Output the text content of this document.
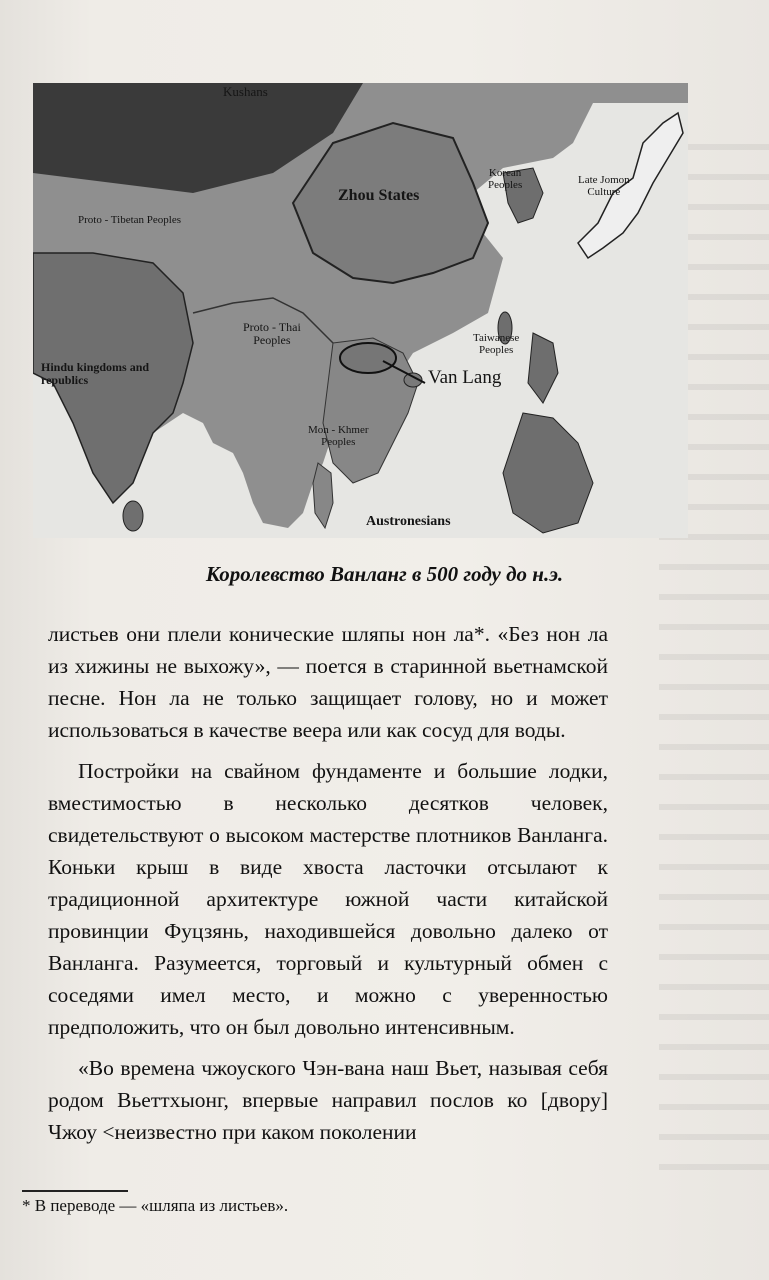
Kushans
Zhou States
Korean
Peoples	Late Jomon
Culture
Proto - Tibetan Peoples
Proto - Thai
Peoples	Taiwanese
Peoples
Hindu kingdoms and
republics	Van Lang
Mon - Khmer
Peoples
Austronesians
Королевство Ванланг в 500 году до н.э.

листьев они плели конические шляпы нон ла*. «Без нон ла из хижины не выхожу», — поется в старинной вьетнамской песне. Нон ла не только защищает голову, но и может использоваться в качестве веера или как сосуд для воды.

Постройки на свайном фундаменте и большие лодки, вместимостью в несколько десятков человек, свидетельствуют о высоком мастерстве плотников Ванланга. Коньки крыш в виде хвоста ласточки отсылают к традиционной архитектуре южной части китайской провинции Фуцзянь, находившейся довольно далеко от Ванланга. Разумеется, торговый и культурный обмен с соседями имел место, и можно с уверенностью предположить, что он был довольно интенсивным.

«Во времена чжоуского Чэн-вана наш Вьет, называя себя родом Вьеттхыонг, впервые направил послов ко [двору] Чжоу <неизвестно при каком поколении

* В переводе — «шляпа из листьев».
